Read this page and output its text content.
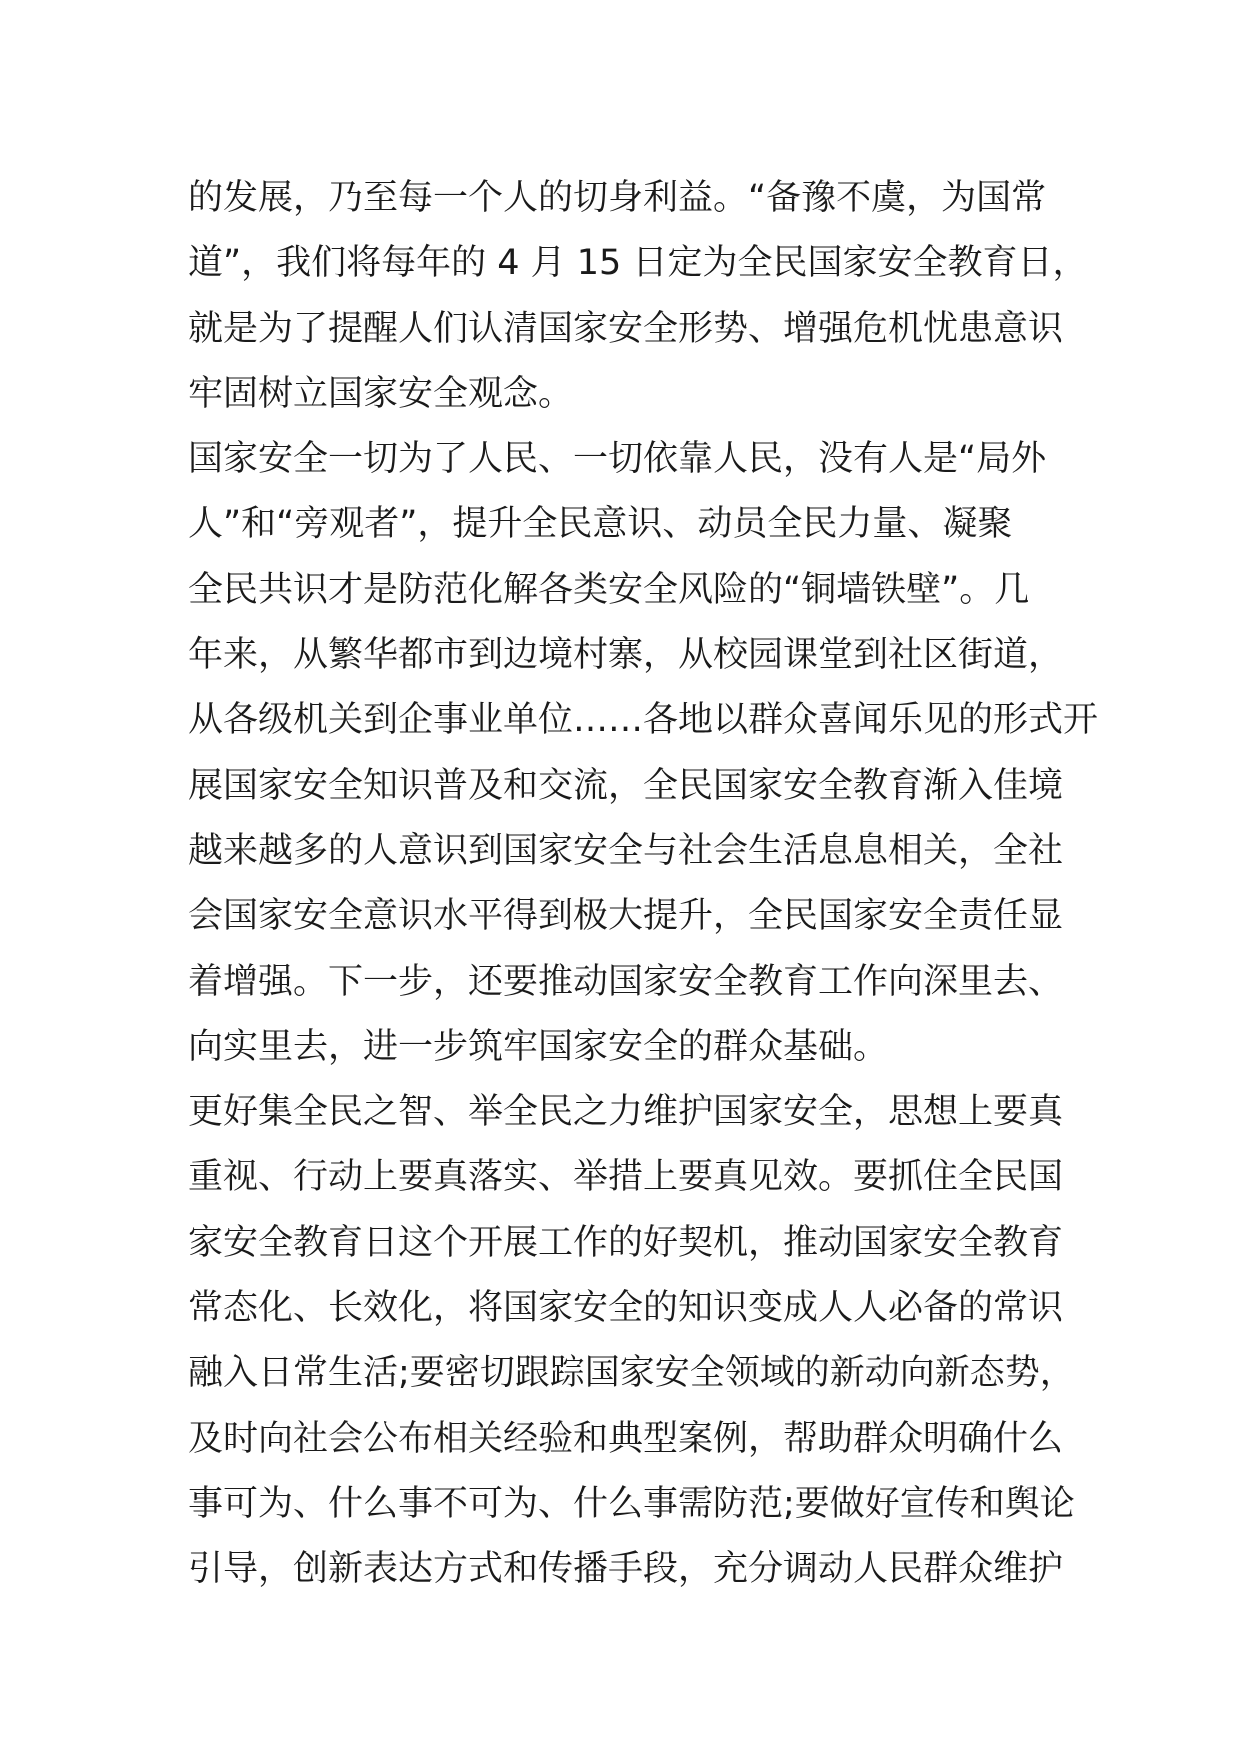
的发展，乃至每一个人的切身利益。“备豫不虞，为国常
道”，我们将每年的 4 月 15 日定为全民国家安全教育日，
就是为了提醒人们认清国家安全形势、增强危机忧患意识
牢固树立国家安全观念。
国家安全一切为了人民、一切依靠人民，没有人是“局外
人”和“旁观者”，提升全民意识、动员全民力量、凝聚
全民共识才是防范化解各类安全风险的“铜墙铁壁”。几
年来，从繁华都市到边境村寨，从校园课堂到社区街道，
从各级机关到企事业单位……各地以群众喜闻乐见的形式开
展国家安全知识普及和交流，全民国家安全教育渐入佳境
越来越多的人意识到国家安全与社会生活息息相关，全社
会国家安全意识水平得到极大提升，全民国家安全责任显
着增强。下一步，还要推动国家安全教育工作向深里去、
向实里去，进一步筑牢国家安全的群众基础。
更好集全民之智、举全民之力维护国家安全，思想上要真
重视、行动上要真落实、举措上要真见效。要抓住全民国
家安全教育日这个开展工作的好契机，推动国家安全教育
常态化、长效化，将国家安全的知识变成人人必备的常识
融入日常生活;要密切跟踪国家安全领域的新动向新态势，
及时向社会公布相关经验和典型案例，帮助群众明确什么
事可为、什么事不可为、什么事需防范;要做好宣传和舆论
引导，创新表达方式和传播手段，充分调动人民群众维护
